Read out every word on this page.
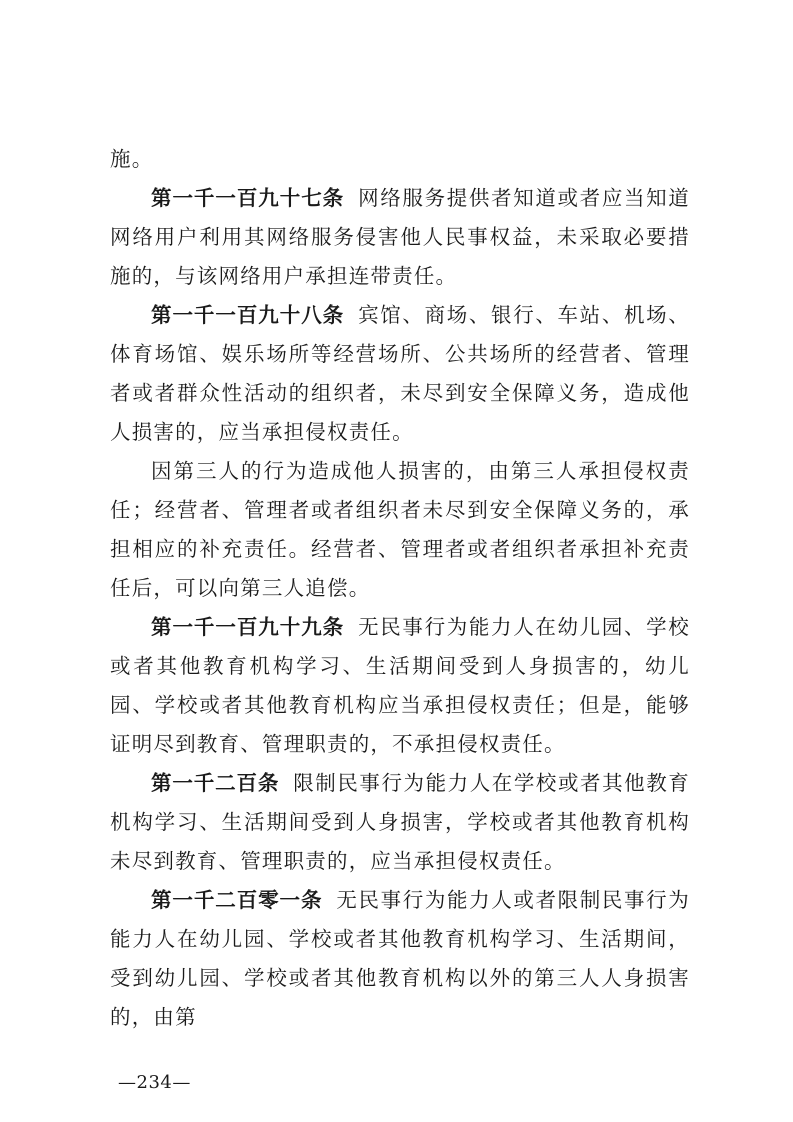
施。

第一千一百九十七条 网络服务提供者知道或者应当知道网络用户利用其网络服务侵害他人民事权益，未采取必要措施的，与该网络用户承担连带责任。

第一千一百九十八条 宾馆、商场、银行、车站、机场、体育场馆、娱乐场所等经营场所、公共场所的经营者、管理者或者群众性活动的组织者，未尽到安全保障义务，造成他人损害的，应当承担侵权责任。

因第三人的行为造成他人损害的，由第三人承担侵权责任；经营者、管理者或者组织者未尽到安全保障义务的，承担相应的补充责任。经营者、管理者或者组织者承担补充责任后，可以向第三人追偿。

第一千一百九十九条 无民事行为能力人在幼儿园、学校或者其他教育机构学习、生活期间受到人身损害的，幼儿园、学校或者其他教育机构应当承担侵权责任；但是，能够证明尽到教育、管理职责的，不承担侵权责任。

第一千二百条 限制民事行为能力人在学校或者其他教育机构学习、生活期间受到人身损害，学校或者其他教育机构未尽到教育、管理职责的，应当承担侵权责任。

第一千二百零一条 无民事行为能力人或者限制民事行为能力人在幼儿园、学校或者其他教育机构学习、生活期间，受到幼儿园、学校或者其他教育机构以外的第三人人身损害的，由第

—234—
